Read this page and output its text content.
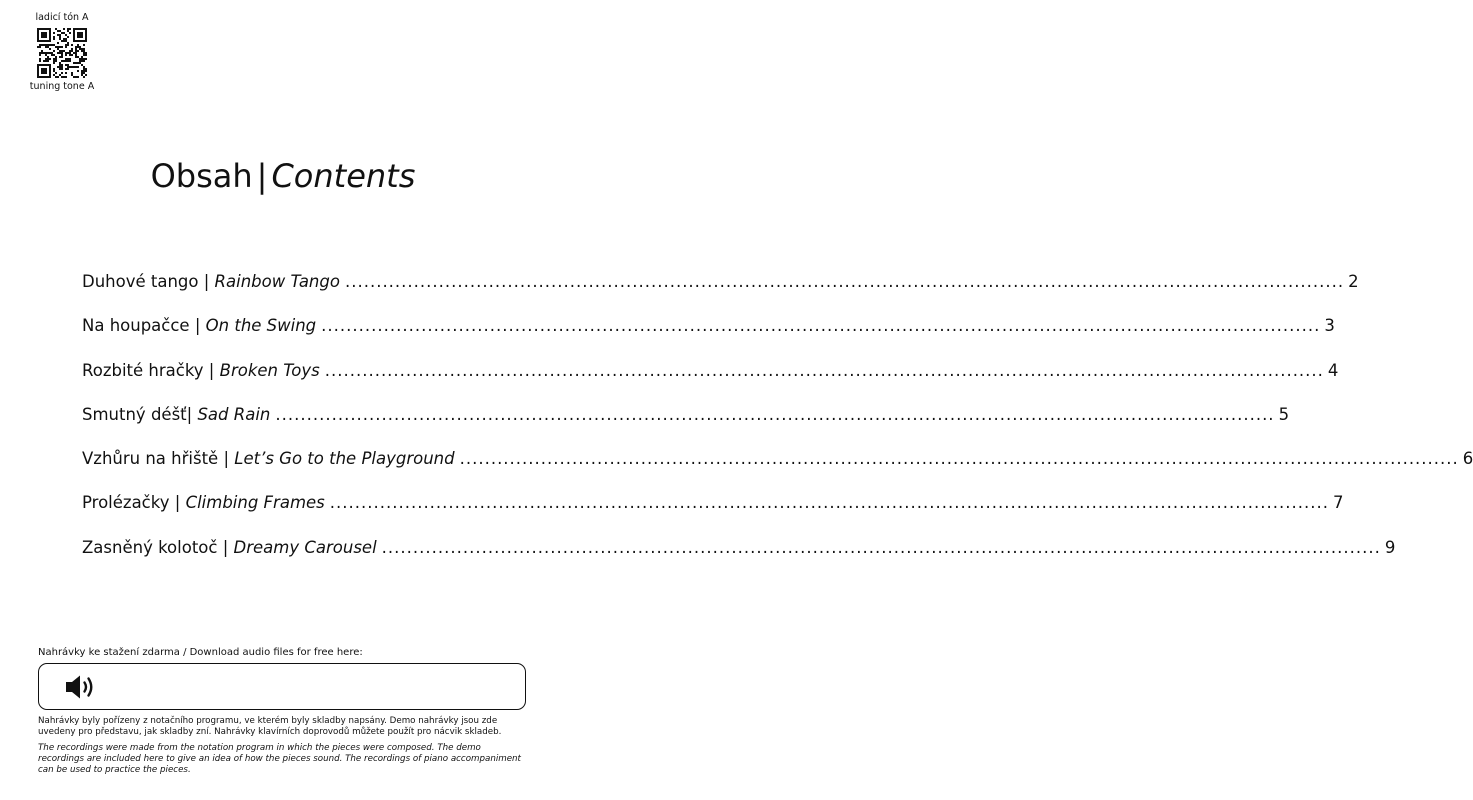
ladicí tón A
tuning tone A
Obsah | Contents
Duhové tango | Rainbow Tango ................................................................................................................................................................ 2
Na houpačce | On the Swing ................................................................................................................................................................ 3
Rozbité hračky | Broken Toys ................................................................................................................................................................ 4
Smutný déšť| Sad Rain ................................................................................................................................................................ 5
Vzhůru na hřiště | Let’s Go to the Playground ................................................................................................................................................................ 6
Prolézačky | Climbing Frames ................................................................................................................................................................ 7
Zasněný kolotoč | Dreamy Carousel ................................................................................................................................................................ 9
Nahrávky ke stažení zdarma / Download audio files for free here:
Nahrávky byly pořízeny z notačního programu, ve kterém byly skladby napsány. Demo nahrávky jsou zde uvedeny pro představu, jak skladby zní. Nahrávky klavírních doprovodů můžete použít pro nácvik skladeb.
The recordings were made from the notation program in which the pieces were composed. The demo recordings are included here to give an idea of how the pieces sound. The recordings of piano accompaniment can be used to practice the pieces.
